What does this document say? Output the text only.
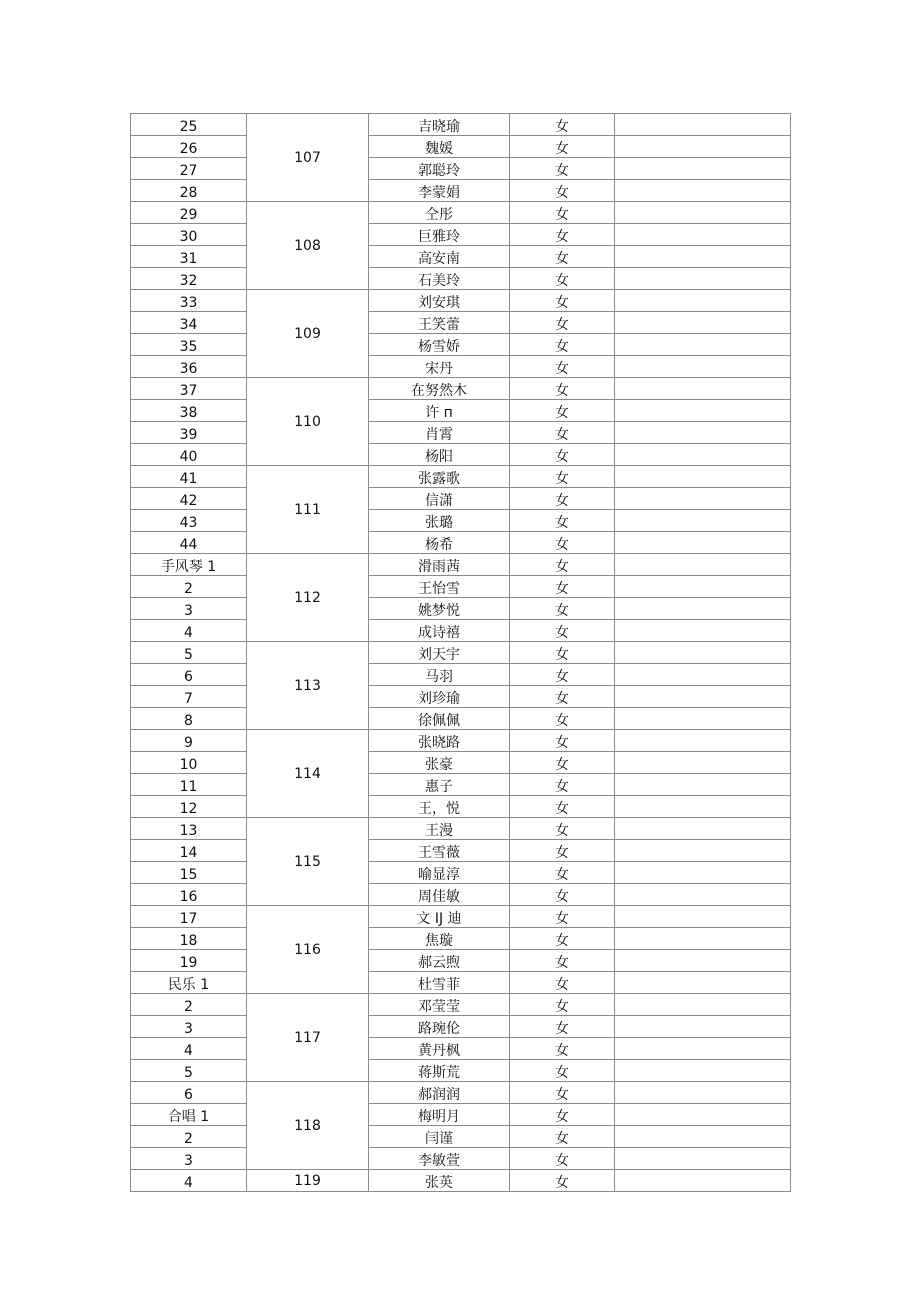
25	107	吉晓瑜	女	
26		魏媛	女	
27		郭聪玲	女	
28		李蒙娟	女	
29	108	仝彤	女	
30		巨雅玲	女	
31		高安南	女	
32		石美玲	女	
33	109	刘安琪	女	
34		王笑蕾	女	
35		杨雪娇	女	
36		宋丹	女	
37	110	在努然木	女	
38		许 п	女	
39		肖霄	女	
40		杨阳	女	
41	111	张露歌	女	
42		信潇	女	
43		张璐	女	
44		杨希	女	
手风琴 1	112	滑雨茜	女	
2		王怡雪	女	
3		姚梦悦	女	
4		成诗禧	女	
5	113	刘天宇	女	
6		马羽	女	
7		刘珍瑜	女	
8		徐佩佩	女	
9	114	张晓路	女	
10		张豪	女	
11		惠子	女	
12		王，悦	女	
13	115	王漫	女	
14		王雪薇	女	
15		喻显淳	女	
16		周佳敏	女	
17	116	文 IJ 迪	女	
18		焦璇	女	
19		郝云煦	女	
民乐 1		杜雪菲	女	
2	117	邓莹莹	女	
3		路琬伦	女	
4		黄丹枫	女	
5		蒋斯荒	女	
6	118	郝润润	女	
合唱 1		梅明月	女	
2		闫谨	女	
3		李敏萱	女	
4	119	张英	女	
